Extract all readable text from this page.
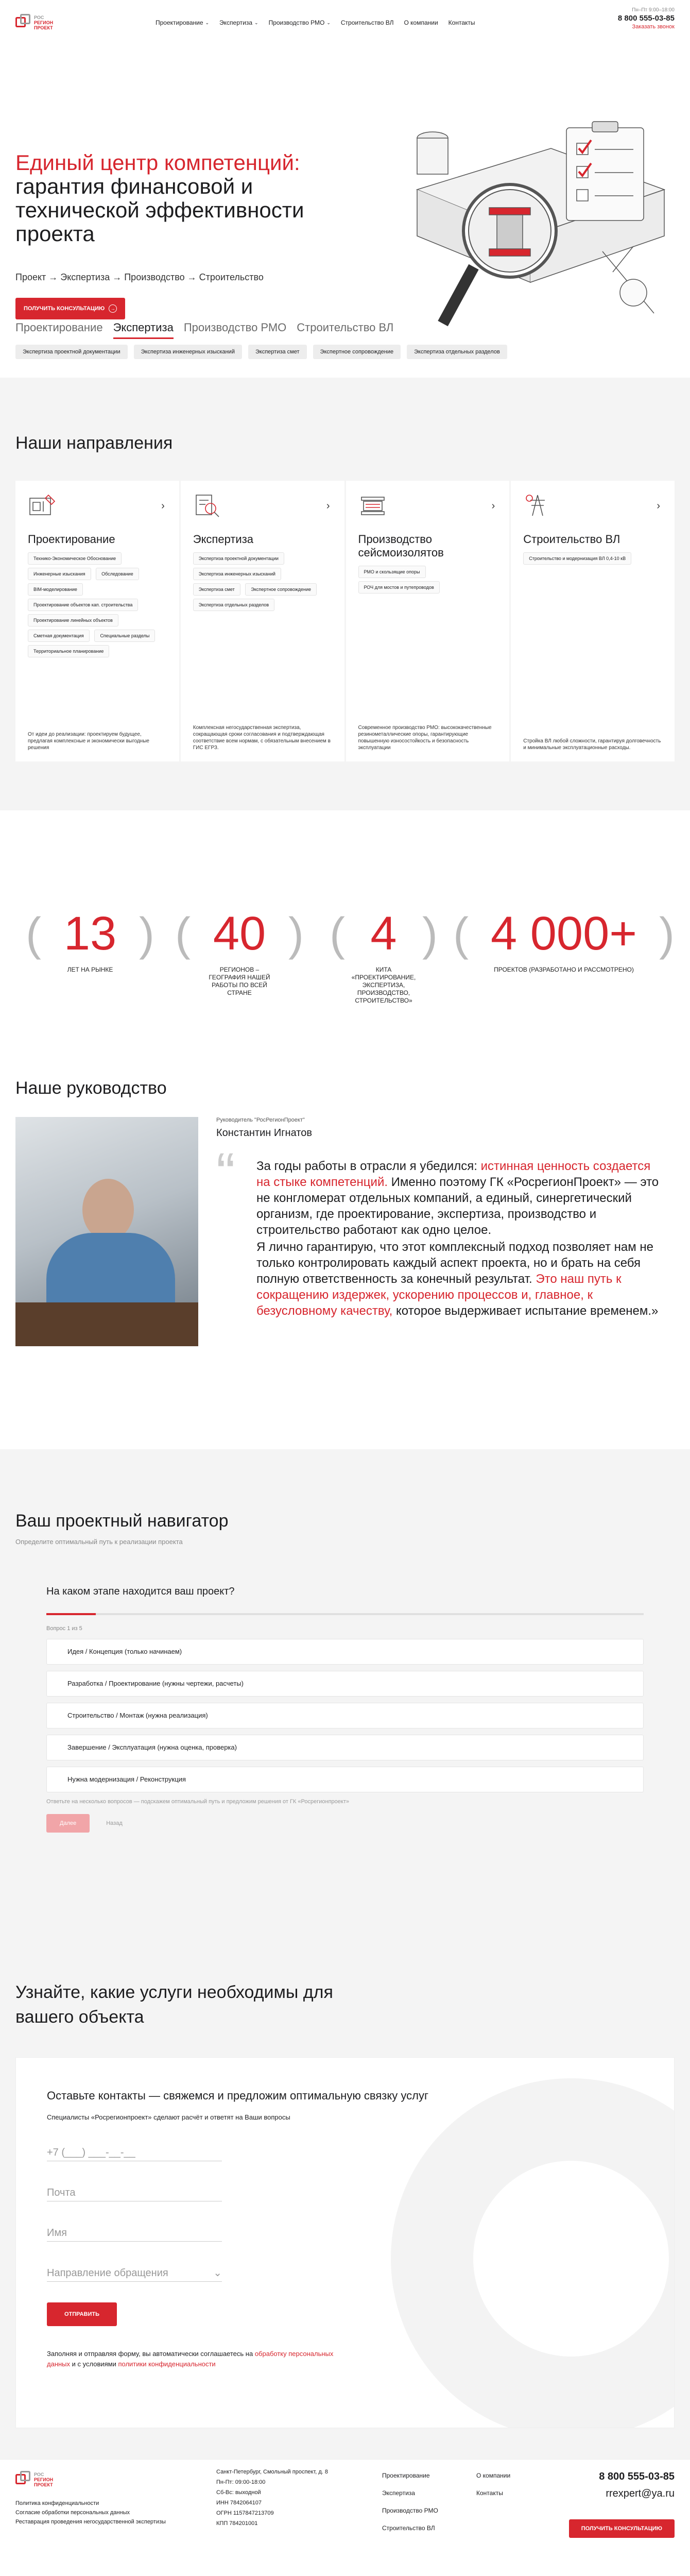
РОС
РЕГИОН
ПРОЕКТ
Проектирование ⌄ Экспертиза ⌄ Производство РМО ⌄ Строительство ВЛ О компании Контакты
Пн–Пт 9:00–18:00
8 800 555-03-85
Заказать звонок
Единый центр компетенций:
гарантия финансовой и технической эффективности проекта
Проект → Экспертиза → Производство → Строительство
ПОЛУЧИТЬ КОНСУЛЬТАЦИЮ	→
Проектирование Экспертиза Производство РМО Строительство ВЛ
Экспертиза проектной документации	Экспертиза инженерных изысканий	Экспертиза смет	Экспертное сопровождение	Экспертиза отдельных разделов
Наши направления
›
Проектирование
Технико-Экономическое Обоснование Инженерные изыскания	Обследование BIM-моделирование Проектирование объектов кап. строительства Проектирование линейных объектов Сметная документация	Специальные разделы Территориальное планирование

От идеи до реализации: проектируем будущее, предлагая комплексные и экономически выгодные решения

›
Экспертиза
Экспертиза проектной документации Экспертиза инженерных изысканий Экспертиза смет	Экспертное сопровождение Экспертиза отдельных разделов

Комплексная негосударственная экспертиза, сокращающая сроки согласования и подтверждающая соответствие всем нормам, с обязательным внесением в ГИС ЕГРЗ.

›
Производство сейсмоизолятов
РМО и скользящие опоры РОЧ для мостов и путепроводов

Современное производство РМО: высококачественные резинометаллические опоры, гарантирующие повышенную износостойкость и безопасность эксплуатации

›
Строительство ВЛ
Строительство и модернизация ВЛ 0,4-10 кВ

Стройка ВЛ любой сложности, гарантируя долговечность и минимальные эксплуатационные расходы.

( )
13
ЛЕТ НА РЫНКЕ
( )
40
РЕГИОНОВ – ГЕОГРАФИЯ НАШЕЙ РАБОТЫ ПО ВСЕЙ СТРАНЕ
( )
4
КИТА «ПРОЕКТИРОВАНИЕ, ЭКСПЕРТИЗА, ПРОИЗВОДСТВО, СТРОИТЕЛЬСТВО»
(	)
4 000+
ПРОЕКТОВ (РАЗРАБОТАНО И РАССМОТРЕНО)
Наше руководство
Руководитель "РосРегионПроект"
Константин Игнатов
“ За годы работы в отрасли я убедился: истинная ценность создается на стыке компетенций. Именно поэтому ГК «РосрегионПроект» — это не конгломерат отдельных компаний, а единый, синергетический организм, где проектирование, экспертиза, производство и строительство работают как одно целое.

Я лично гарантирую, что этот комплексный подход позволяет нам не только контролировать каждый аспект проекта, но и брать на себя полную ответственность за конечный результат. Это наш путь к сокращению издержек, ускорению процессов и, главное, к безусловному качеству, которое выдерживает испытание временем.»

Ваш проектный навигатор
Определите оптимальный путь к реализации проекта
На каком этапе находится ваш проект?
Вопрос 1 из 5
Идея / Концепция (только начинаем)
Разработка / Проектирование (нужны чертежи, расчеты)
Строительство / Монтаж (нужна реализация)
Завершение / Эксплуатация (нужна оценка, проверка)
Нужна модернизация / Реконструкция
Ответьте на несколько вопросов — подскажем оптимальный путь и предложим решения от ГК «Росрегионпроект»
Далее	Назад
Узнайте, какие услуги необходимы для вашего объекта
Оставьте контакты — свяжемся и предложим оптимальную связку услуг

Специалисты «Росрегионпроект» сделают расчёт и ответят на Ваши вопросы

+7 (___) ___-__-__
Почта
Имя
Направление обращения	⌄
ОТПРАВИТЬ

Заполняя и отправляя форму, вы автоматически соглашаетесь на обработку персональных данных и с условиями политики конфиденциальности

РОС
РЕГИОН
ПРОЕКТ
Политика конфиденциальности
Согласие обработки персональных данных
Реставрация проведения негосударственной экспертизы
Санкт-Петербург, Смольный проспект, д. 8
Пн-Пт: 09:00-18:00
Сб-Вс: выходной
ИНН 7842064107
ОГРН 1157847213709
КПП 784201001
Проектирование
Экспертиза
Производство РМО
Строительство ВЛ
О компании
Контакты
8 800 555-03-85
rrexpert@ya.ru
ПОЛУЧИТЬ КОНСУЛЬТАЦИЮ
